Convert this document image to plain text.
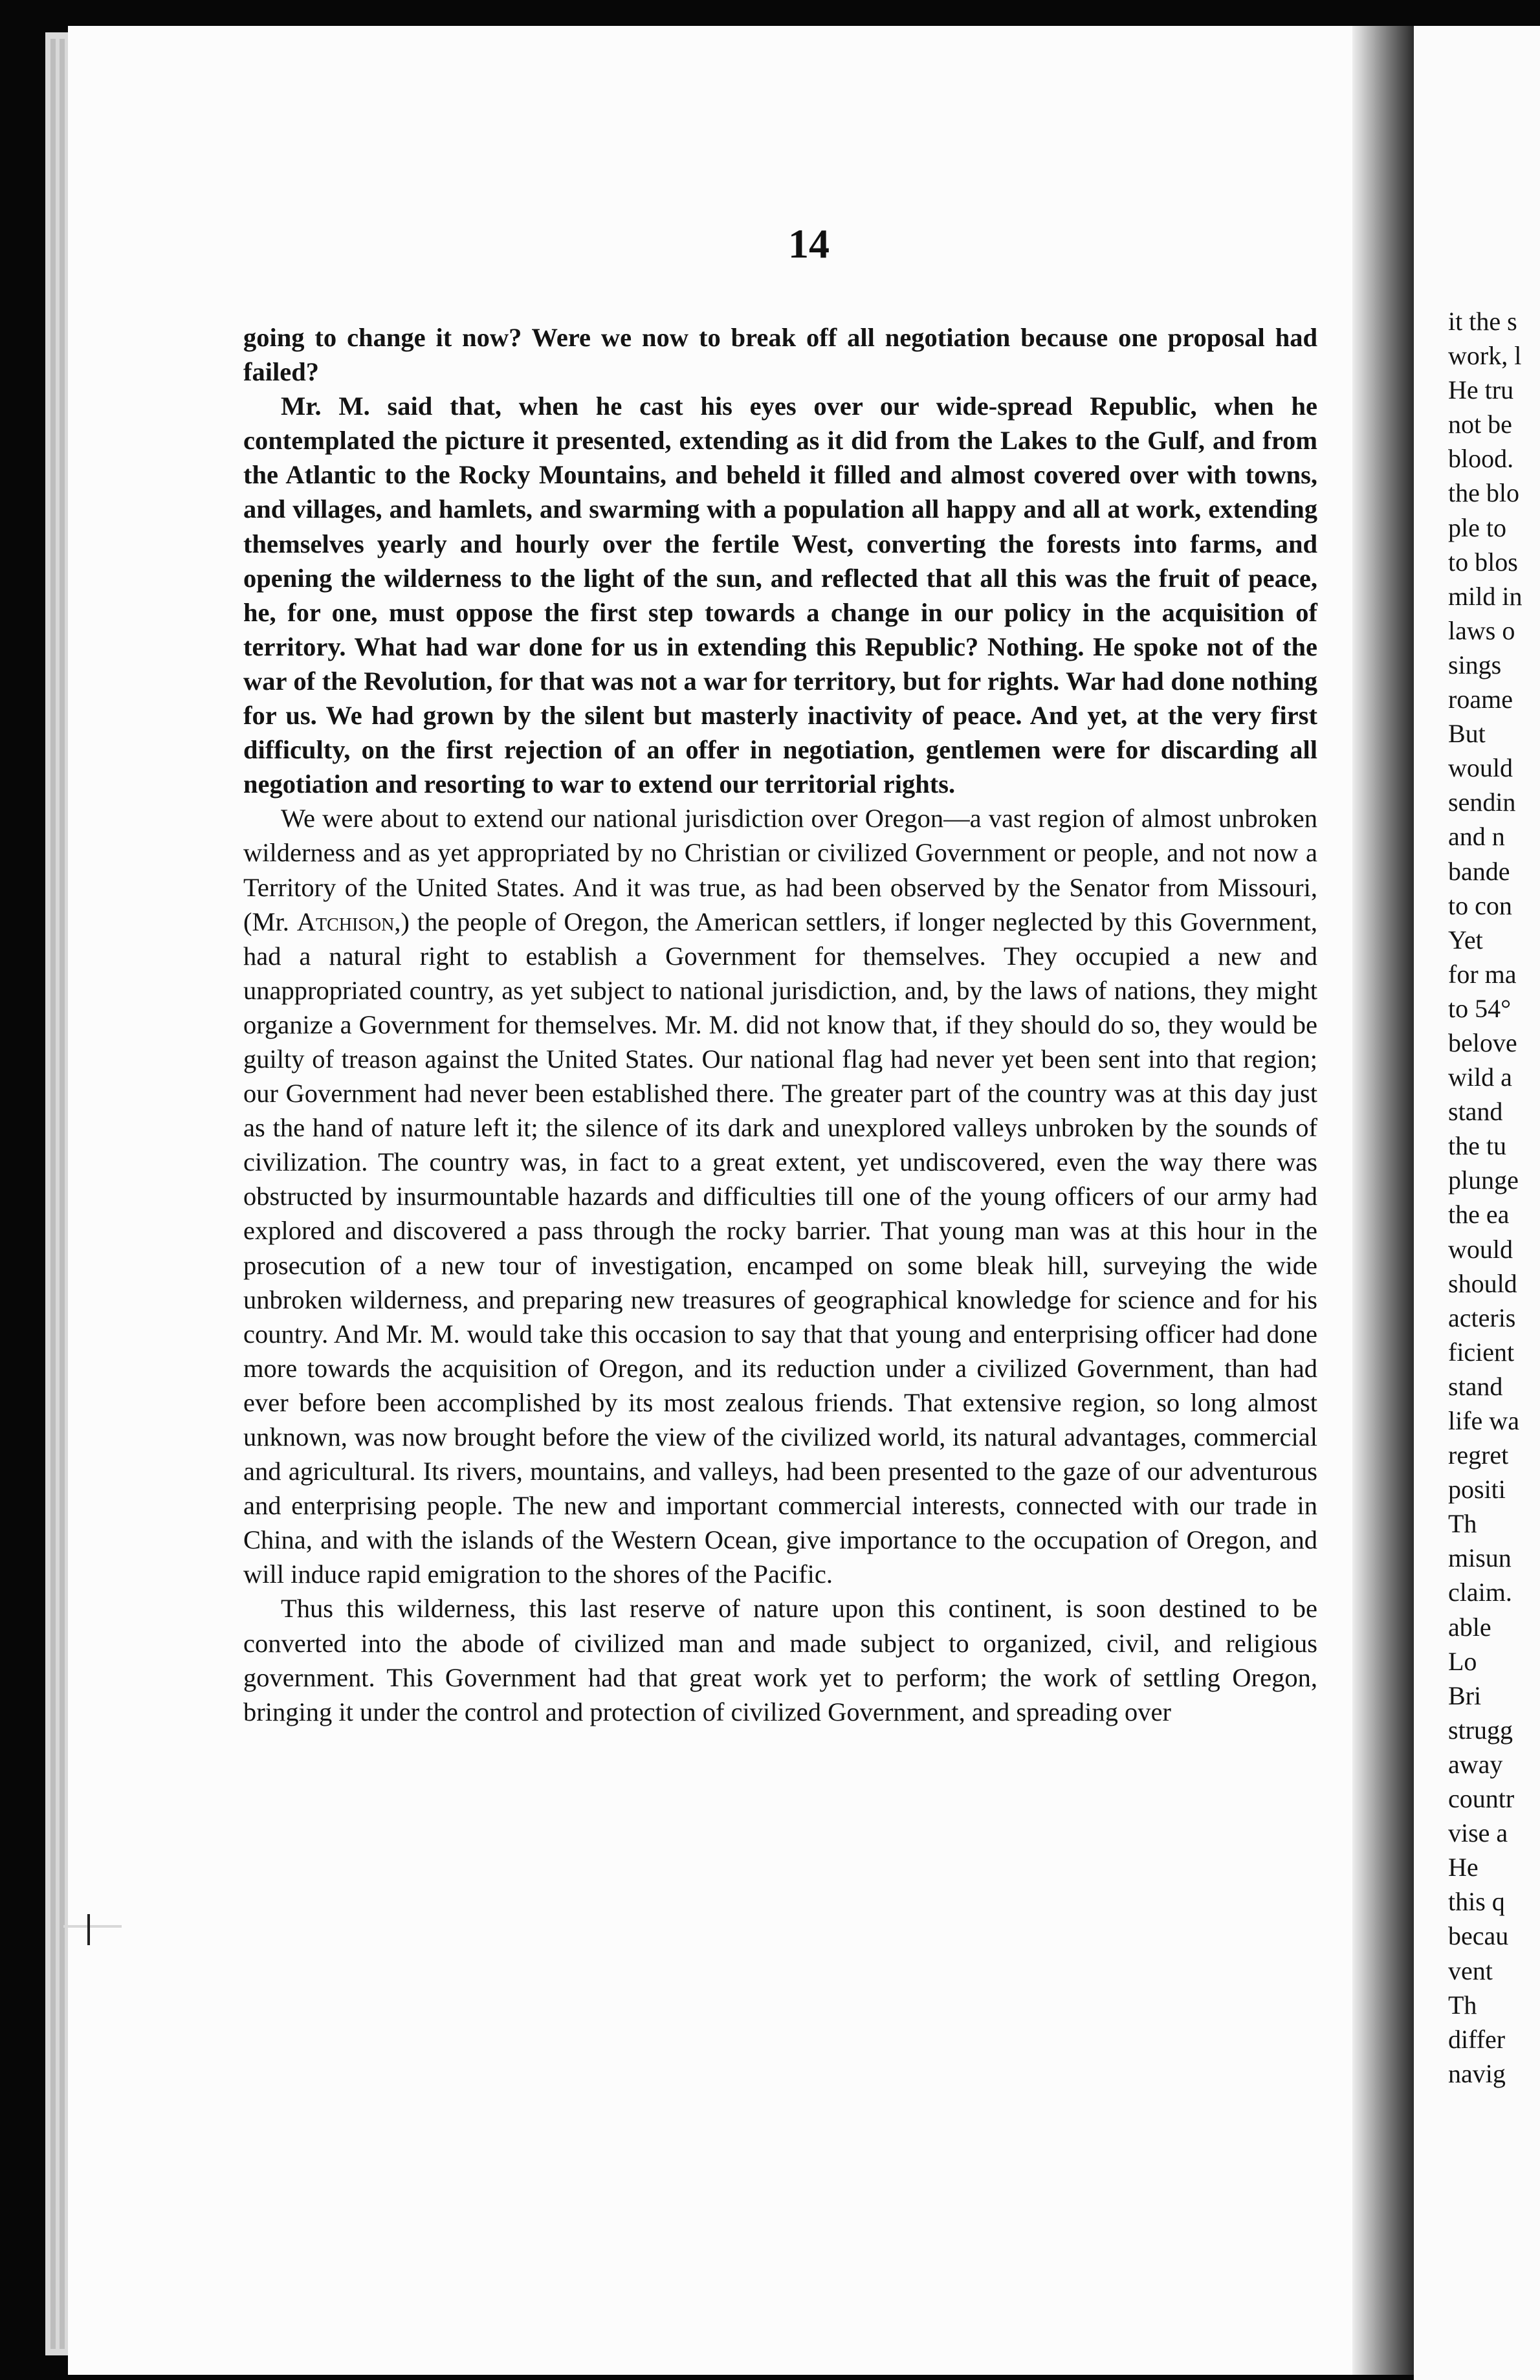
14

going to change it now? Were we now to break off all negotiation because one proposal had failed?

Mr. M. said that, when he cast his eyes over our wide-spread Republic, when he contemplated the picture it presented, extending as it did from the Lakes to the Gulf, and from the Atlantic to the Rocky Mountains, and beheld it filled and almost covered over with towns, and villages, and hamlets, and swarming with a population all happy and all at work, extending themselves yearly and hourly over the fertile West, converting the forests into farms, and opening the wilderness to the light of the sun, and reflected that all this was the fruit of peace, he, for one, must oppose the first step towards a change in our policy in the acquisition of territory. What had war done for us in extending this Republic? Nothing. He spoke not of the war of the Revolution, for that was not a war for territory, but for rights. War had done nothing for us. We had grown by the silent but masterly inactivity of peace. And yet, at the very first difficulty, on the first rejection of an offer in negotiation, gentlemen were for discarding all negotiation and resorting to war to extend our territorial rights.

We were about to extend our national jurisdiction over Oregon—a vast region of almost unbroken wilderness and as yet appropriated by no Christian or civilized Government or people, and not now a Territory of the United States. And it was true, as had been observed by the Senator from Missouri, (Mr. Atchison,) the people of Oregon, the American settlers, if longer neglected by this Government, had a natural right to establish a Government for themselves. They occupied a new and unappropriated country, as yet subject to national jurisdiction, and, by the laws of nations, they might organize a Government for themselves. Mr. M. did not know that, if they should do so, they would be guilty of treason against the United States. Our national flag had never yet been sent into that region; our Government had never been established there. The greater part of the country was at this day just as the hand of nature left it; the silence of its dark and unexplored valleys unbroken by the sounds of civilization. The country was, in fact to a great extent, yet undiscovered, even the way there was obstructed by insurmountable hazards and difficulties till one of the young officers of our army had explored and discovered a pass through the rocky barrier. That young man was at this hour in the prosecution of a new tour of investigation, encamped on some bleak hill, surveying the wide unbroken wilderness, and preparing new treasures of geographical knowledge for science and for his country. And Mr. M. would take this occasion to say that that young and enterprising officer had done more towards the acquisition of Oregon, and its reduction under a civilized Government, than had ever before been accomplished by its most zealous friends. That extensive region, so long almost unknown, was now brought before the view of the civilized world, its natural advantages, commercial and agricultural. Its rivers, mountains, and valleys, had been presented to the gaze of our adventurous and enterprising people. The new and important commercial interests, connected with our trade in China, and with the islands of the Western Ocean, give importance to the occupation of Oregon, and will induce rapid emigration to the shores of the Pacific.

Thus this wilderness, this last reserve of nature upon this continent, is soon destined to be converted into the abode of civilized man and made subject to organized, civil, and religious government. This Government had that great work yet to perform; the work of settling Oregon, bringing it under the control and protection of civilized Government, and spreading over

it the s
work, l
He tru
not be
blood.
the blo
ple to
to blos
mild in
laws o
sings
roame
But
would
sendin
and n
bande
to con
Yet
for ma
to 54°
belove
wild a
stand
the tu
plunge
the ea
would
should
acteris
ficient
stand
life wa
regret
positi
Th
misun
claim.
able
Lo
Bri
strugg
away
countr
vise a
He
this q
becau
vent
Th
differ
navig
